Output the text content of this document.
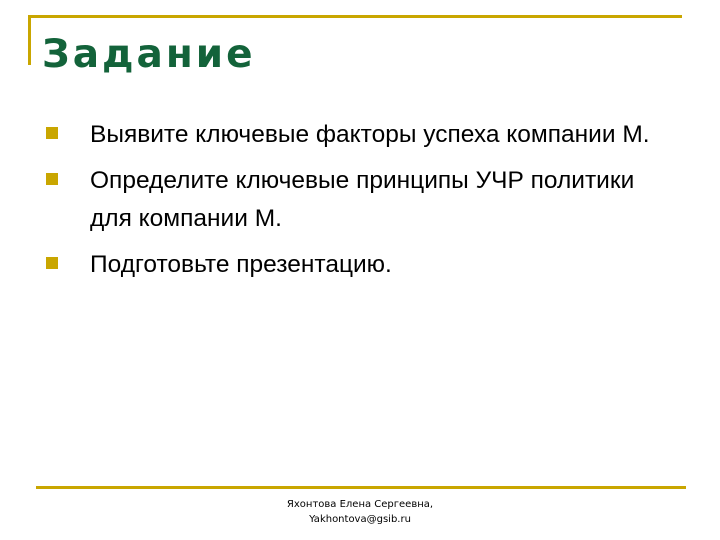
Задание
Выявите ключевые факторы успеха компании М.
Определите ключевые принципы УЧР политики для компании М.
Подготовьте презентацию.
Яхонтова Елена Сергеевна,
Yakhontova@gsib.ru
